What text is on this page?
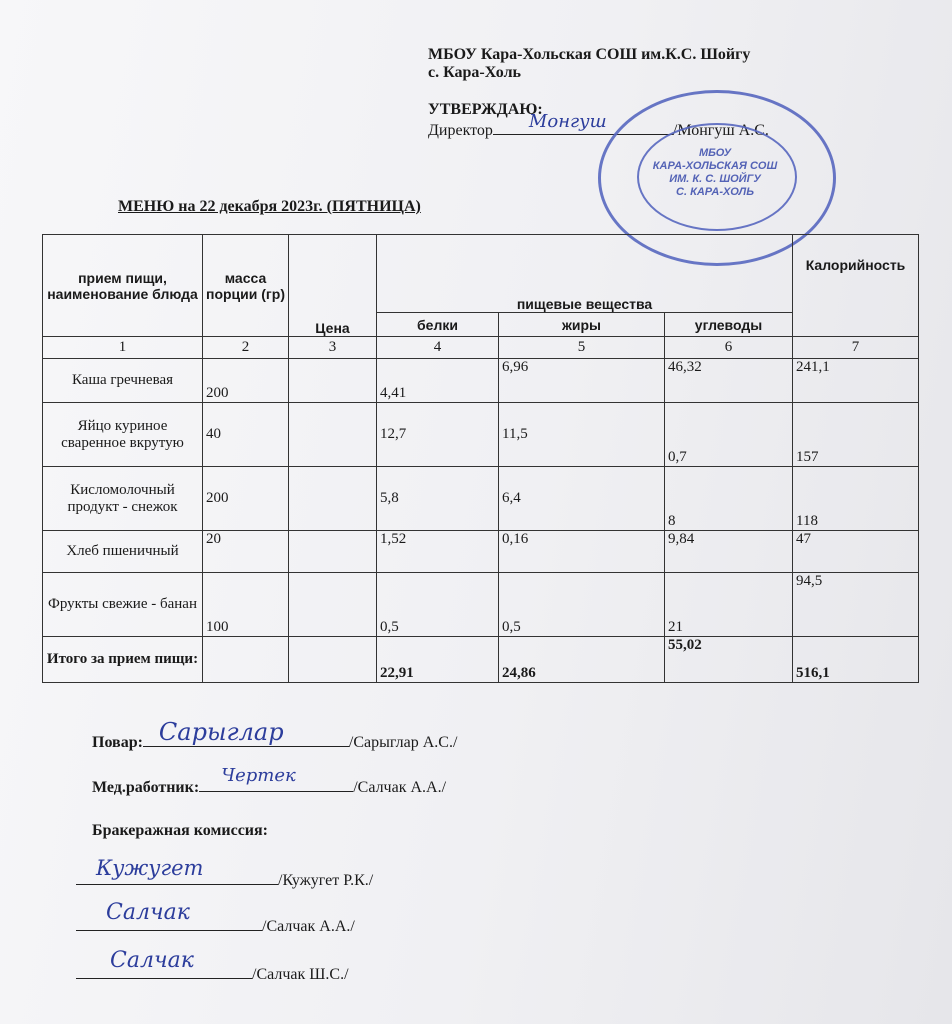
МБОУ Кара-Хольская СОШ им.К.С. Шойгу
с. Кара-Холь
УТВЕРЖДАЮ:
Директор Монгуш	/Монгуш А.С.
МБОУ
КАРА-ХОЛЬСКАЯ СОШ
ИМ. К. С. ШОЙГУ
С. КАРА-ХОЛЬ
МЕНЮ на 22 декабря 2023г. (ПЯТНИЦА)
прием пищи, наименование блюда	масса порции (гр)	Цена	пищевые вещества			Калорийность
			белки	жиры	углеводы	
1	2	3	4	5	6	7
Каша гречневая	200		4,41	6,96	46,32	241,1
Яйцо куриное сваренное вкрутую	40		12,7	11,5	0,7	157
Кисломолочный продукт - снежок	200		5,8	6,4	8	118
Хлеб пшеничный	20		1,52	0,16	9,84	47
Фрукты свежие - банан	100		0,5	0,5	21	94,5
Итого за прием пищи:			22,91	24,86	55,02	516,1
Повар: Сарыглар	/Сарыглар А.С./
Мед.работник:
Чертек
/Салчак А.А./
Бракеражная комиссия:
Кужугет
/Кужугет Р.К./
Салчак
/Салчак А.А./
Салчак
/Салчак Ш.С./
